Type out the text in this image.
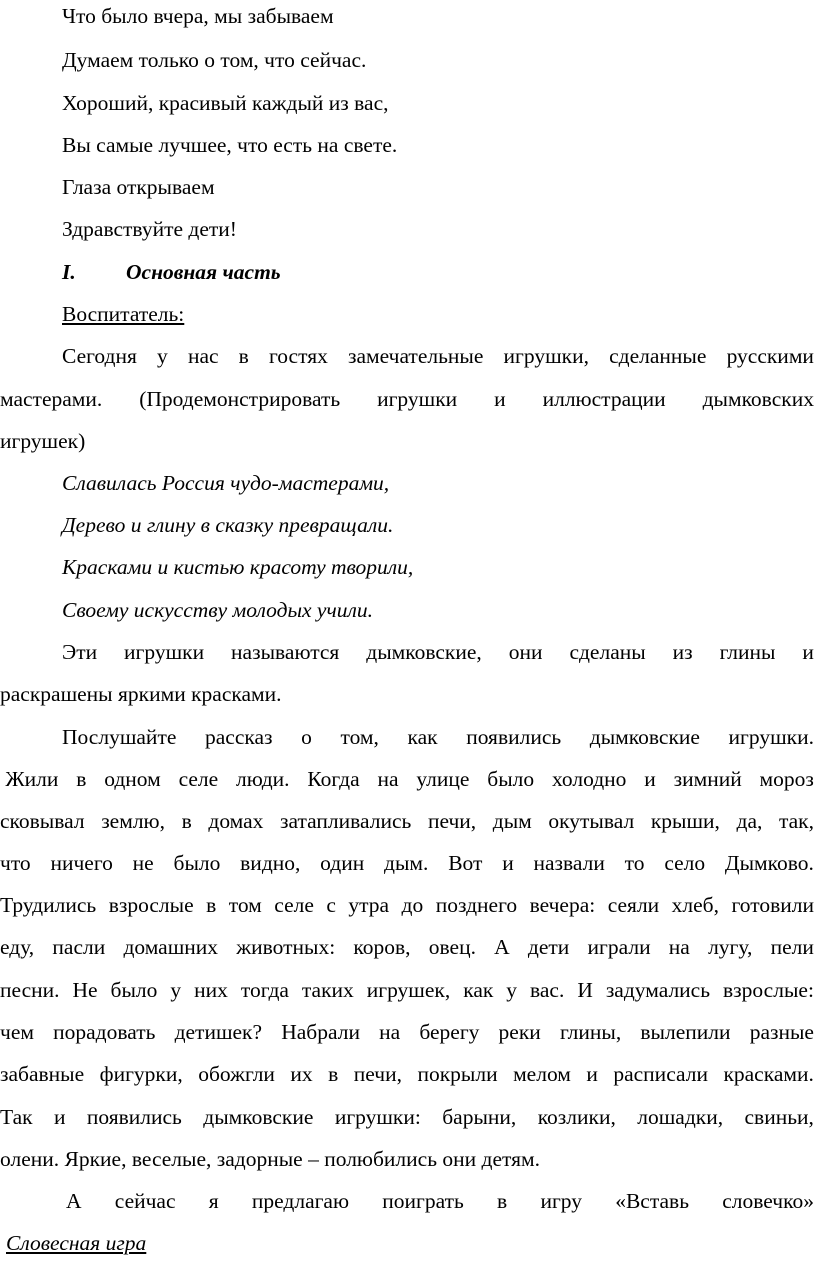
Что было вчера, мы забываем
Думаем только о том, что сейчас.
Хороший, красивый каждый из вас,
Вы самые лучшее, что есть на свете.
Глаза открываем
Здравствуйте дети!
I. Основная часть
Воспитатель:
Сегодня у нас в гостях замечательные игрушки, сделанные русскими
мастерами. (Продемонстрировать игрушки и иллюстрации дымковских
игрушек)
Славилась Россия чудо-мастерами,
Дерево и глину в сказку превращали.
Красками и кистью красоту творили,
Своему искусству молодых учили.
Эти игрушки называются дымковские, они сделаны из глины и
раскрашены яркими красками.
Послушайте рассказ о том, как появились дымковские игрушки.
Жили в одном селе люди. Когда на улице было холодно и зимний мороз
сковывал землю, в домах затапливались печи, дым окутывал крыши, да, так,
что ничего не было видно, один дым. Вот и назвали то село Дымково.
Трудились взрослые в том селе с утра до позднего вечера: сеяли хлеб, готовили
еду, пасли домашних животных: коров, овец. А дети играли на лугу, пели
песни. Не было у них тогда таких игрушек, как у вас. И задумались взрослые:
чем порадовать детишек? Набрали на берегу реки глины, вылепили разные
забавные фигурки, обожгли их в печи, покрыли мелом и расписали красками.
Так и появились дымковские игрушки: барыни, козлики, лошадки, свиньи,
олени. Яркие, веселые, задорные – полюбились они детям.
А сейчас я предлагаю поиграть в игру «Вставь словечко»
Словесная игра
